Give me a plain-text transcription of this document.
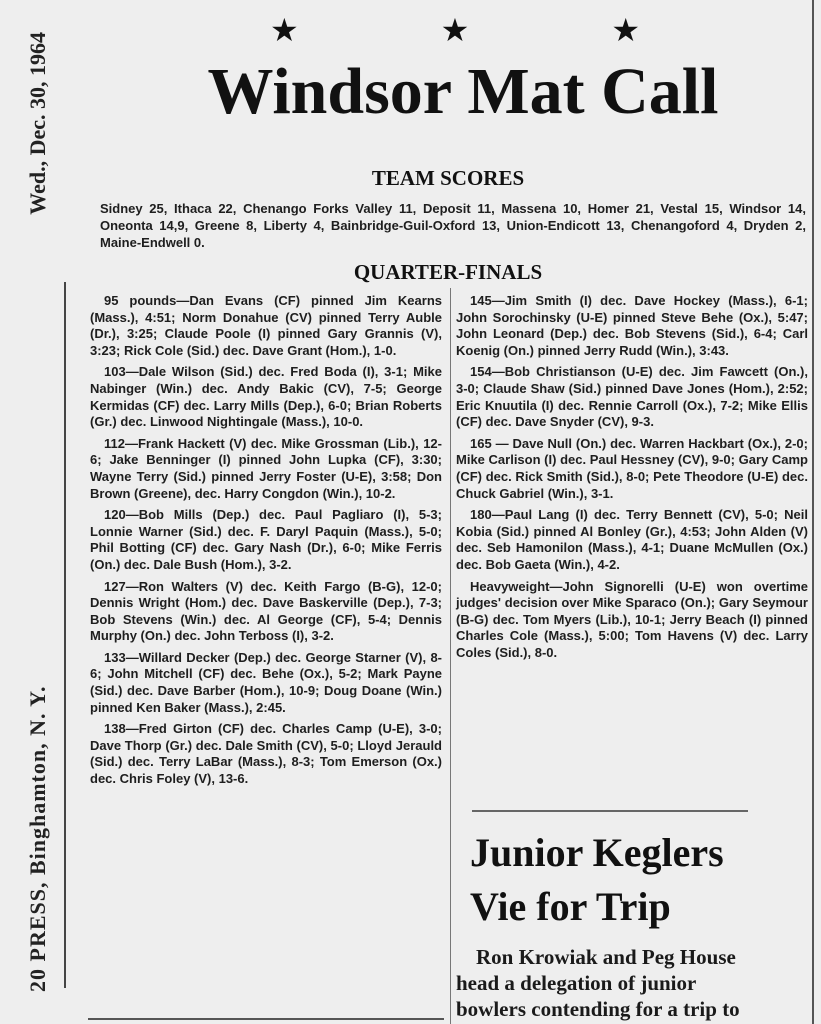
★	★	★
Windsor Mat Call
20 PRESS, Binghamton, N. Y.
Wed., Dec. 30, 1964	TEAM SCORES
Sidney 25, Ithaca 22, Chenango Forks Valley 11, Deposit 11, Massena 10, Homer 21, Vestal 15, Windsor 14, Oneonta 14,9, Greene 8, Liberty 4, Bainbridge-Guil-Oxford 13, Union-Endicott 13, Chenangoford 4, Dryden 2, Maine-Endwell 0.
QUARTER-FINALS

95 pounds—Dan Evans (CF) pinned Jim Kearns (Mass.), 4:51; Norm Donahue (CV) pinned Terry Auble (Dr.), 3:25; Claude Poole (I) pinned Gary Grannis (V), 3:23; Rick Cole (Sid.) dec. Dave Grant (Hom.), 1-0.

103—Dale Wilson (Sid.) dec. Fred Boda (I), 3-1; Mike Nabinger (Win.) dec. Andy Bakic (CV), 7-5; George Kermidas (CF) dec. Larry Mills (Dep.), 6-0; Brian Roberts (Gr.) dec. Linwood Nightingale (Mass.), 10-0.

112—Frank Hackett (V) dec. Mike Grossman (Lib.), 12-6; Jake Benninger (I) pinned John Lupka (CF), 3:30; Wayne Terry (Sid.) pinned Jerry Foster (U-E), 3:58; Don Brown (Greene), dec. Harry Congdon (Win.), 10-2.

120—Bob Mills (Dep.) dec. Paul Pagliaro (I), 5-3; Lonnie Warner (Sid.) dec. F. Daryl Paquin (Mass.), 5-0; Phil Botting (CF) dec. Gary Nash (Dr.), 6-0; Mike Ferris (On.) dec. Dale Bush (Hom.), 3-2.

127—Ron Walters (V) dec. Keith Fargo (B-G), 12-0; Dennis Wright (Hom.) dec. Dave Baskerville (Dep.), 7-3; Bob Stevens (Win.) dec. Al George (CF), 5-4; Dennis Murphy (On.) dec. John Terboss (I), 3-2.

133—Willard Decker (Dep.) dec. George Starner (V), 8-6; John Mitchell (CF) dec. Behe (Ox.), 5-2; Mark Payne (Sid.) dec. Dave Barber (Hom.), 10-9; Doug Doane (Win.) pinned Ken Baker (Mass.), 2:45.

138—Fred Girton (CF) dec. Charles Camp (U-E), 3-0; Dave Thorp (Gr.) dec. Dale Smith (CV), 5-0; Lloyd Jerauld (Sid.) dec. Terry LaBar (Mass.), 8-3; Tom Emerson (Ox.) dec. Chris Foley (V), 13-6.

145—Jim Smith (I) dec. Dave Hockey (Mass.), 6-1; John Sorochinsky (U-E) pinned Steve Behe (Ox.), 5:47; John Leonard (Dep.) dec. Bob Stevens (Sid.), 6-4; Carl Koenig (On.) pinned Jerry Rudd (Win.), 3:43.

154—Bob Christianson (U-E) dec. Jim Fawcett (On.), 3-0; Claude Shaw (Sid.) pinned Dave Jones (Hom.), 2:52; Eric Knuutila (I) dec. Rennie Carroll (Ox.), 7-2; Mike Ellis (CF) dec. Dave Snyder (CV), 9-3.

165 — Dave Null (On.) dec. Warren Hackbart (Ox.), 2-0; Mike Carlison (I) dec. Paul Hessney (CV), 9-0; Gary Camp (CF) dec. Rick Smith (Sid.), 8-0; Pete Theodore (U-E) dec. Chuck Gabriel (Win.), 3-1.

180—Paul Lang (I) dec. Terry Bennett (CV), 5-0; Neil Kobia (Sid.) pinned Al Bonley (Gr.), 4:53; John Alden (V) dec. Seb Hamonilon (Mass.), 4-1; Duane McMullen (Ox.) dec. Bob Gaeta (Win.), 4-2.

Heavyweight—John Signorelli (U-E) won overtime judges' decision over Mike Sparaco (On.); Gary Seymour (B-G) dec. Tom Myers (Lib.), 10-1; Jerry Beach (I) pinned Charles Cole (Mass.), 5:00; Tom Havens (V) dec. Larry Coles (Sid.), 8-0.

Junior Keglers
Vie for Trip
Ron Krowiak and Peg House
head a delegation of junior
bowlers contending for a trip to
